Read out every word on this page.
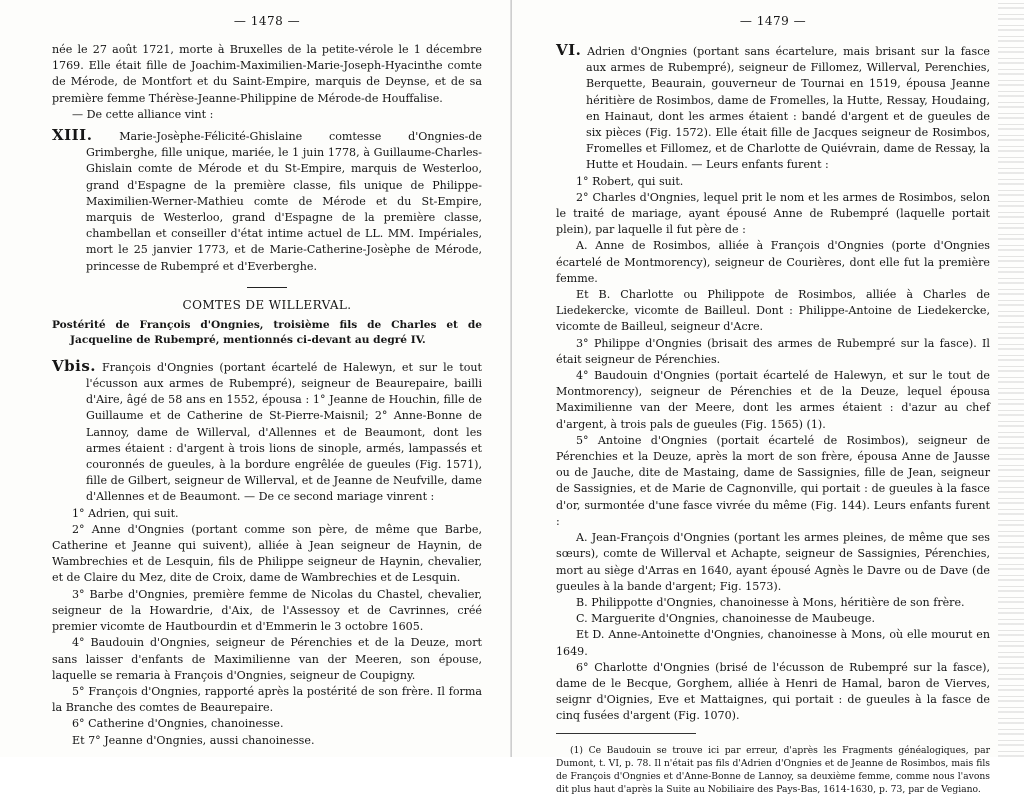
— 1478 —

née le 27 août 1721, morte à Bruxelles de la petite-vérole le 1 décembre 1769. Elle était fille de Joachim-Maximilien-Marie-Joseph-Hyacinthe comte de Mérode, de Montfort et du Saint-Empire, marquis de Deynse, et de sa première femme Thérèse-Jeanne-Philippine de Mérode-de Houffalise.

— De cette alliance vint :

XIII. Marie-Josèphe-Félicité-Ghislaine comtesse d'Ongnies-de Grimberghe, fille unique, mariée, le 1 juin 1778, à Guillaume-Charles-Ghislain comte de Mérode et du St-Empire, marquis de Westerloo, grand d'Espagne de la première classe, fils unique de Philippe-Maximilien-Werner-Mathieu comte de Mérode et du St-Empire, marquis de Westerloo, grand d'Espagne de la première classe, chambellan et conseiller d'état intime actuel de LL. MM. Impériales, mort le 25 janvier 1773, et de Marie-Catherine-Josèphe de Mérode, princesse de Rubempré et d'Everberghe.

COMTES DE WILLERVAL.

Postérité de François d'Ongnies, troisième fils de Charles et de Jacqueline de Rubempré, mentionnés ci-devant au degré IV.

Vbis. François d'Ongnies (portant écartelé de Halewyn, et sur le tout l'écusson aux armes de Rubempré), seigneur de Beaurepaire, bailli d'Aire, âgé de 58 ans en 1552, épousa : 1° Jeanne de Houchin, fille de Guillaume et de Catherine de St-Pierre-Maisnil; 2° Anne-Bonne de Lannoy, dame de Willerval, d'Allennes et de Beaumont, dont les armes étaient : d'argent à trois lions de sinople, armés, lampassés et couronnés de gueules, à la bordure engrêlée de gueules (Fig. 1571), fille de Gilbert, seigneur de Willerval, et de Jeanne de Neufville, dame d'Allennes et de Beaumont. — De ce second mariage vinrent :

1° Adrien, qui suit.

2° Anne d'Ongnies (portant comme son père, de même que Barbe, Catherine et Jeanne qui suivent), alliée à Jean seigneur de Haynin, de Wambrechies et de Lesquin, fils de Philippe seigneur de Haynin, chevalier, et de Claire du Mez, dite de Croix, dame de Wambrechies et de Lesquin.

3° Barbe d'Ongnies, première femme de Nicolas du Chastel, chevalier, seigneur de la Howardrie, d'Aix, de l'Assessoy et de Cavrinnes, créé premier vicomte de Hautbourdin et d'Emmerin le 3 octobre 1605.

4° Baudouin d'Ongnies, seigneur de Pérenchies et de la Deuze, mort sans laisser d'enfants de Maximilienne van der Meeren, son épouse, laquelle se remaria à François d'Ongnies, seigneur de Coupigny.

5° François d'Ongnies, rapporté après la postérité de son frère. Il forma la Branche des comtes de Beaurepaire.

6° Catherine d'Ongnies, chanoinesse.

Et 7° Jeanne d'Ongnies, aussi chanoinesse.

— 1479 —

VI. Adrien d'Ongnies (portant sans écartelure, mais brisant sur la fasce aux armes de Rubempré), seigneur de Fillomez, Willerval, Perenchies, Berquette, Beaurain, gouverneur de Tournai en 1519, épousa Jeanne héritière de Rosimbos, dame de Fromelles, la Hutte, Ressay, Houdaing, en Hainaut, dont les armes étaient : bandé d'argent et de gueules de six pièces (Fig. 1572). Elle était fille de Jacques seigneur de Rosimbos, Fromelles et Fillomez, et de Charlotte de Quiévrain, dame de Ressay, la Hutte et Houdain. — Leurs enfants furent :

1° Robert, qui suit.

2° Charles d'Ongnies, lequel prit le nom et les armes de Rosimbos, selon le traité de mariage, ayant épousé Anne de Rubempré (laquelle portait plein), par laquelle il fut père de :

A. Anne de Rosimbos, alliée à François d'Ongnies (porte d'Ongnies écartelé de Montmorency), seigneur de Courières, dont elle fut la première femme.

Et B. Charlotte ou Philippote de Rosimbos, alliée à Charles de Liedekercke, vicomte de Bailleul. Dont : Philippe-Antoine de Liedekercke, vicomte de Bailleul, seigneur d'Acre.

3° Philippe d'Ongnies (brisait des armes de Rubempré sur la fasce). Il était seigneur de Pérenchies.

4° Baudouin d'Ongnies (portait écartelé de Halewyn, et sur le tout de Montmorency), seigneur de Pérenchies et de la Deuze, lequel épousa Maximilienne van der Meere, dont les armes étaient : d'azur au chef d'argent, à trois pals de gueules (Fig. 1565) (1).

5° Antoine d'Ongnies (portait écartelé de Rosimbos), seigneur de Pérenchies et la Deuze, après la mort de son frère, épousa Anne de Jausse ou de Jauche, dite de Mastaing, dame de Sassignies, fille de Jean, seigneur de Sassignies, et de Marie de Cagnonville, qui portait : de gueules à la fasce d'or, surmontée d'une fasce vivrée du même (Fig. 144). Leurs enfants furent :

A. Jean-François d'Ongnies (portant les armes pleines, de même que ses sœurs), comte de Willerval et Achapte, seigneur de Sassignies, Pérenchies, mort au siège d'Arras en 1640, ayant épousé Agnès le Davre ou de Dave (de gueules à la bande d'argent; Fig. 1573).

B. Philippotte d'Ongnies, chanoinesse à Mons, héritière de son frère.

C. Marguerite d'Ongnies, chanoinesse de Maubeuge.

Et D. Anne-Antoinette d'Ongnies, chanoinesse à Mons, où elle mourut en 1649.

6° Charlotte d'Ongnies (brisé de l'écusson de Rubempré sur la fasce), dame de le Becque, Gorghem, alliée à Henri de Hamal, baron de Vierves, seignr d'Oignies, Eve et Mattaignes, qui portait : de gueules à la fasce de cinq fusées d'argent (Fig. 1070).

(1) Ce Baudouin se trouve ici par erreur, d'après les Fragments généalogiques, par Dumont, t. VI, p. 78. Il n'était pas fils d'Adrien d'Ongnies et de Jeanne de Rosimbos, mais fils de François d'Ongnies et d'Anne-Bonne de Lannoy, sa deuxième femme, comme nous l'avons dit plus haut d'après la Suite au Nobiliaire des Pays-Bas, 1614-1630, p. 73, par de Vegiano.
